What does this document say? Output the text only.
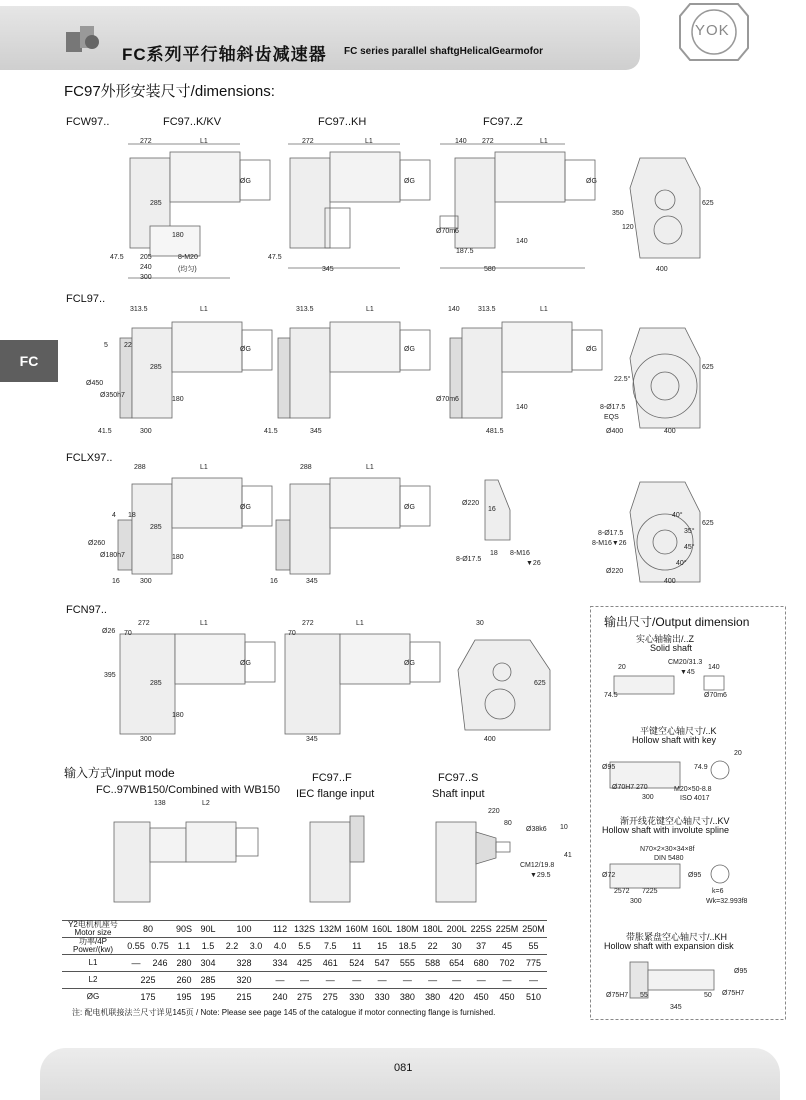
FC系列平行轴斜齿减速器 FC series parallel shaftgHelicalGearmofor
YOK
FC97外形安装尺寸/dimensions:
FC
FCW97..	FC97..K/KV	FC97..KH	FC97..Z
272	L1
ØG
285
180
47.5 205
240
300
8-M20
(均匀)
272	L1
ØG
47.5
345
140 272	L1
ØG
Ø70m6
187.5
580
140
350
120
625
400
FCL97..
313.5	L1
ØG
5 22
285
180
Ø450
Ø350h7
41.5	300
313.5	L1
ØG
41.5	345
140	313.5	L1
ØG
Ø70m6
481.5
140
22.5°
625
8-Ø17.5
EQS
Ø400	400
FCLX97..
288	L1
ØG
4 18
285
180
Ø260
Ø180h7
16	300
288	L1
ØG
16	345
Ø220
16
18
8-Ø17.5
8-M16
▼26
40°
35°
45°
40°
8-Ø17.5
8-M16▼26
625
Ø220
400
FCN97..
272	L1
ØG
Ø26 70
395
285
180
300
272	L1
ØG
70
345
30
625
400
输出尺寸/Output dimension
实心轴输出/..Z
Solid shaft
20
CM20/31.3
▼45
140
74.5	Ø70m6
平键空心轴尺寸/..K
Hollow shaft with key
Ø95
270
300
Ø70H7
74.9
20
M20×50-8.8
ISO 4017
渐开线花键空心轴尺寸/..KV
Hollow shaft with involute spline
N70×2×30×34×8f
DIN 5480
Ø72
2572 7225
300
Ø95
k=6
Wk=32.993f8
带胀紧盘空心轴尺寸/..KH
Hollow shaft with expansion disk
Ø95
Ø75H7	Ø75H7
55	50
345
输入方式/input mode
FC..97WB150/Combined with WB150
FC97..F
IEC flange input
FC97..S
Shaft input
138	L2
220
80
10
Ø38k6
41
CM12/19.8
▼29.5
Y2电机机座号
Motor size	80		90S	90L	100		112	132S	132M	160M	160L	180M	180L	200L	225S	225M	250M

功率/4P
Power/(kw)	0.55	0.75	1.1	1.5	2.2	3.0	4.0	5.5	7.5	11	15	18.5	22	30	37	45	55

L1	—	246	280	304	328		334	425	461	524	547	555	588	654	680	702	775

L2	225		260	285	320		—	—	—	—	—	—	—	—	—	—	—

ØG	175		195	195	215		240	275	275	330	330	380	380	420	450	450	510
注: 配电机联接法兰尺寸详见145页 / Note: Please see page 145 of the catalogue if motor connecting flange is furnished.
081
